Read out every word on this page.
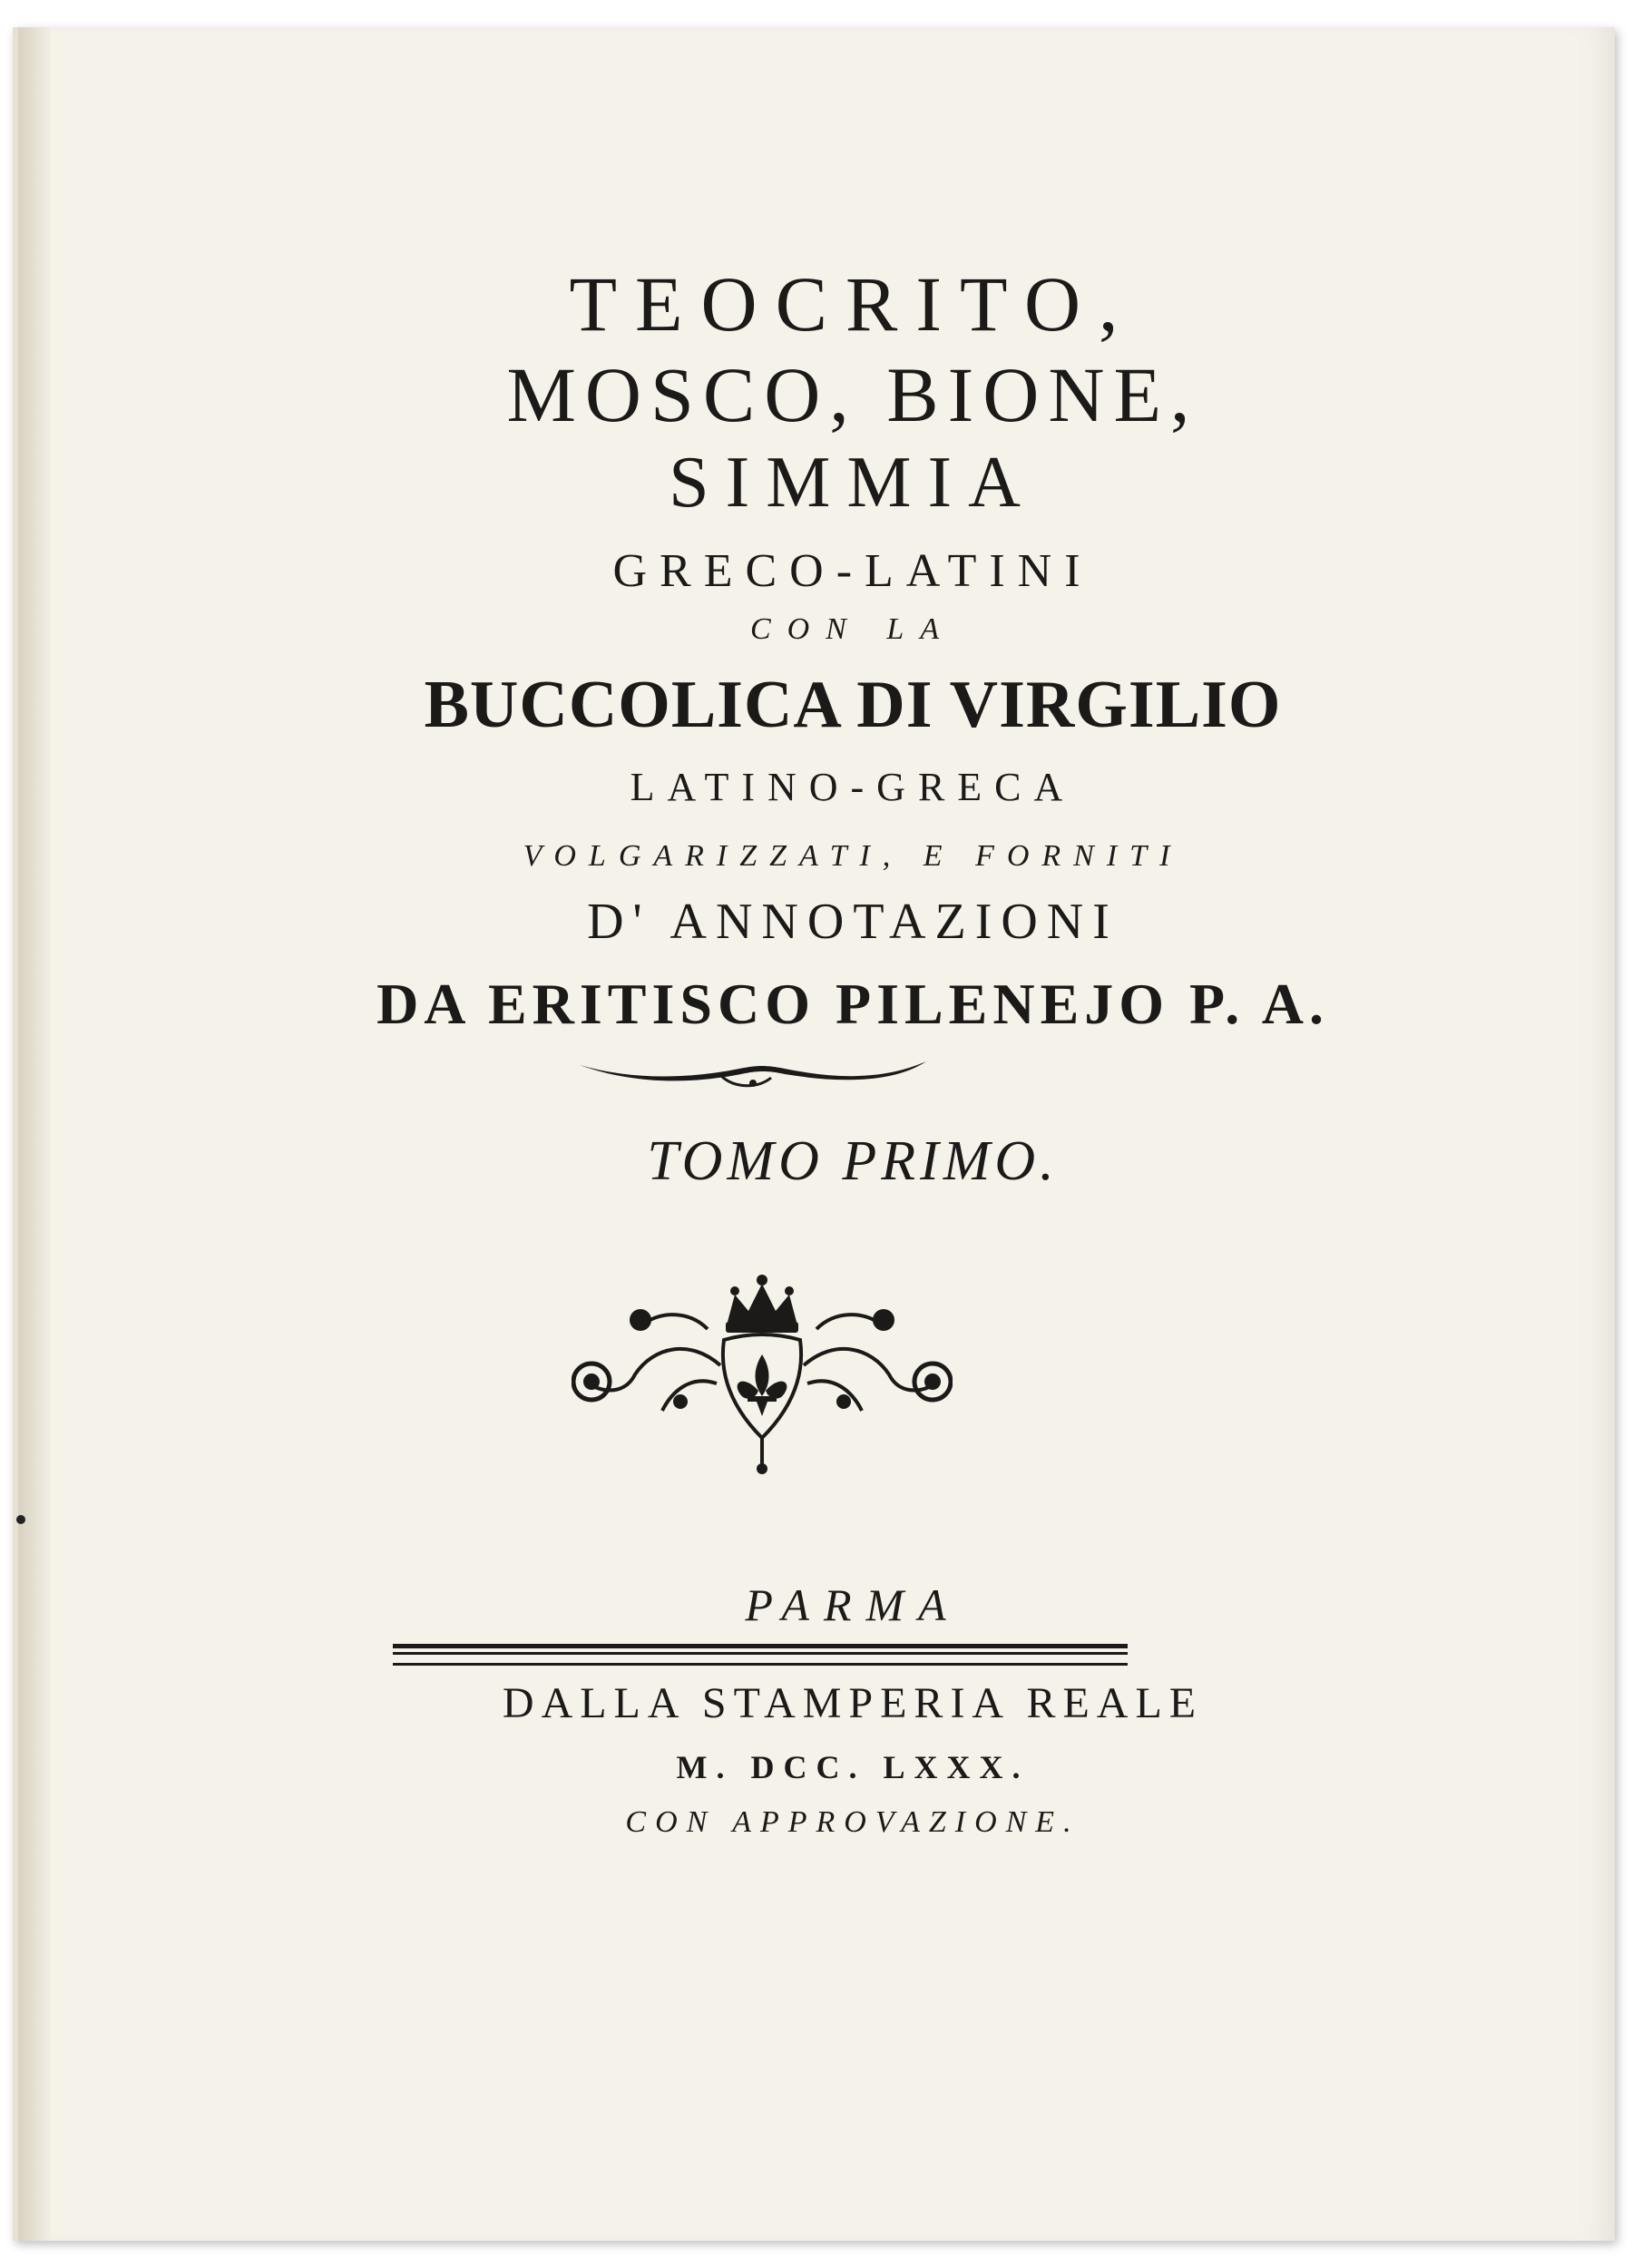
TEOCRITO,
MOSCO, BIONE,
SIMMIA
GRECO-LATINI
CON LA
BUCCOLICA DI VIRGILIO
LATINO-GRECA
VOLGARIZZATI, E FORNITI
D' ANNOTAZIONI
DA ERITISCO PILENEJO P. A.
TOMO PRIMO.
PARMA
DALLA STAMPERIA REALE
M. DCC. LXXX.
CON APPROVAZIONE.
